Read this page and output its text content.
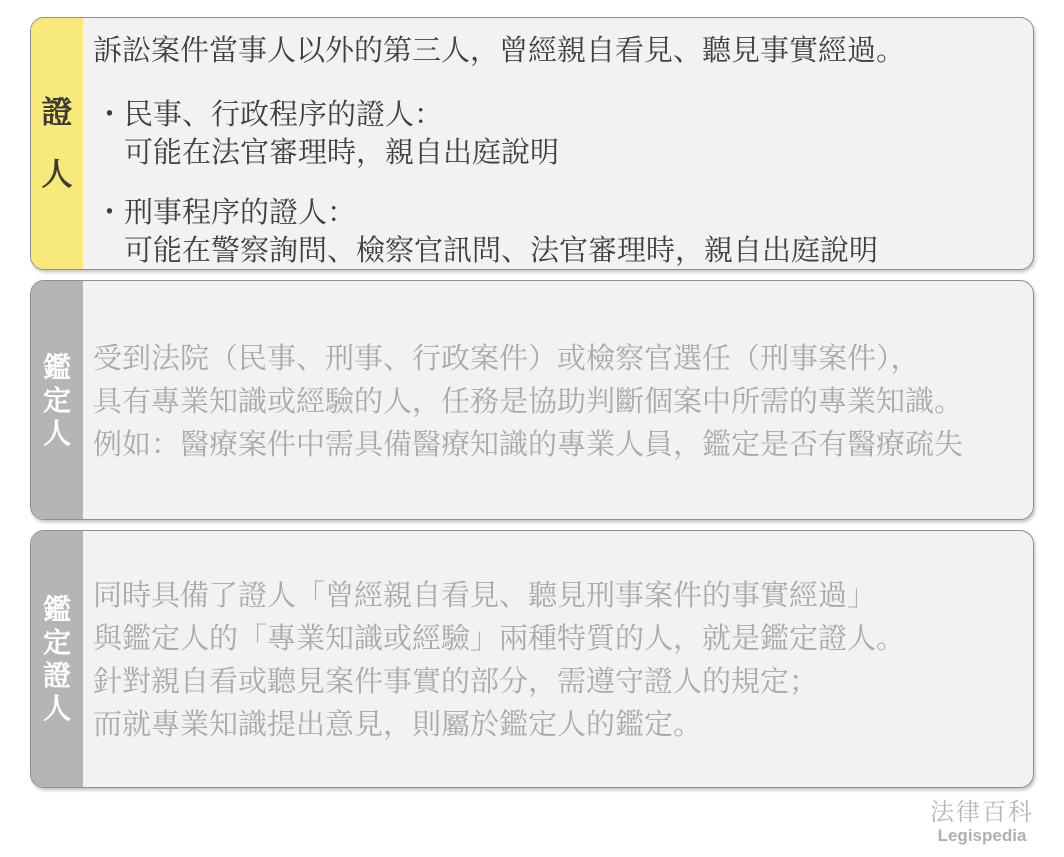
證人

訴訟案件當事人以外的第三人，曾經親自看見、聽見事實經過。

・民事、行政程序的證人：

可能在法官審理時，親自出庭說明

・刑事程序的證人：

可能在警察詢問、檢察官訊問、法官審理時，親自出庭說明

鑑定人

受到法院（民事、刑事、行政案件）或檢察官選任（刑事案件），

具有專業知識或經驗的人，任務是協助判斷個案中所需的專業知識。

例如：醫療案件中需具備醫療知識的專業人員，鑑定是否有醫療疏失

鑑定證人

同時具備了證人「曾經親自看見、聽見刑事案件的事實經過」

與鑑定人的「專業知識或經驗」兩種特質的人，就是鑑定證人。

針對親自看或聽見案件事實的部分，需遵守證人的規定；

而就專業知識提出意見，則屬於鑑定人的鑑定。

法律百科
Legispedia
